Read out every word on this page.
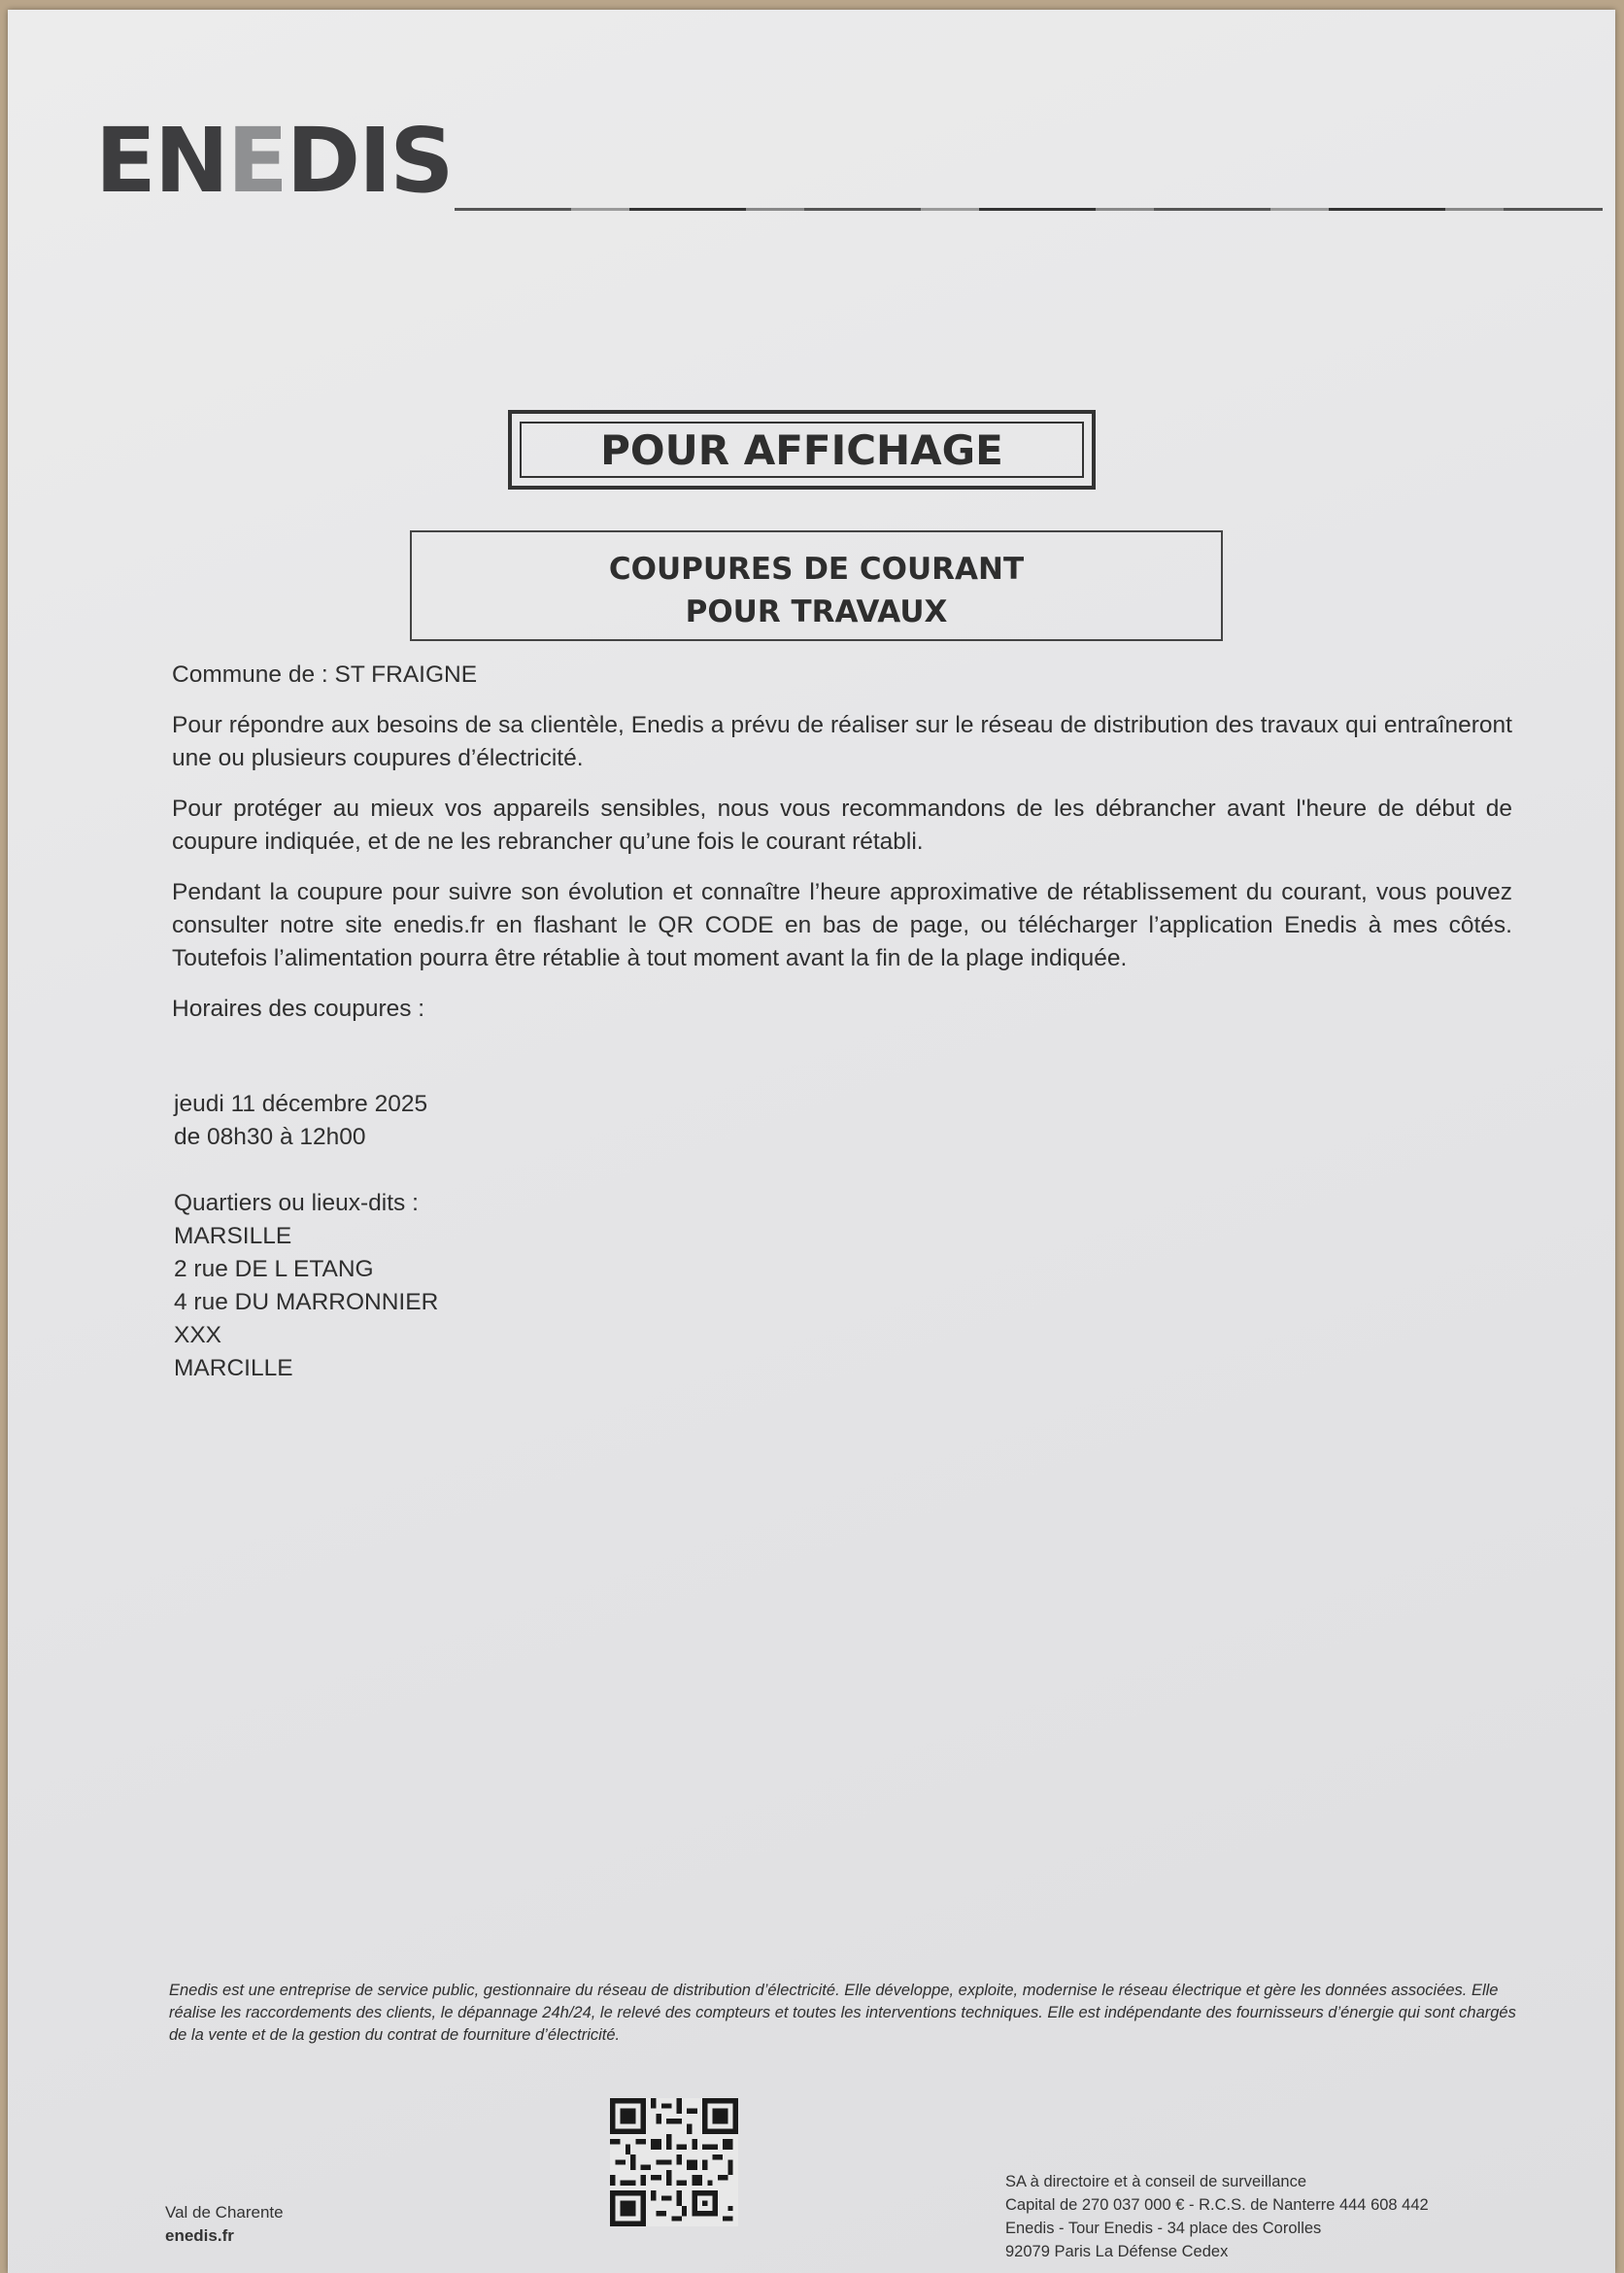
ENEDIS
POUR AFFICHAGE
COUPURES DE COURANT
POUR TRAVAUX

Commune de : ST FRAIGNE

Pour répondre aux besoins de sa clientèle, Enedis a prévu de réaliser sur le réseau de distribution des travaux qui entraîneront une ou plusieurs coupures d’électricité.

Pour protéger au mieux vos appareils sensibles, nous vous recommandons de les débrancher avant l'heure de début de coupure indiquée, et de ne les rebrancher qu’une fois le courant rétabli.

Pendant la coupure pour suivre son évolution et connaître l’heure approximative de rétablissement du courant, vous pouvez consulter notre site enedis.fr en flashant le QR CODE en bas de page, ou télécharger l’application Enedis à mes côtés. Toutefois l’alimentation pourra être rétablie à tout moment avant la fin de la plage indiquée.

Horaires des coupures :

jeudi 11 décembre 2025
de 08h30 à 12h00
Quartiers ou lieux-dits :
MARSILLE
2 rue DE L ETANG
4 rue DU MARRONNIER
XXX
MARCILLE
Enedis est une entreprise de service public, gestionnaire du réseau de distribution d’électricité. Elle développe, exploite, modernise le réseau électrique et gère les données associées. Elle réalise les raccordements des clients, le dépannage 24h/24, le relevé des compteurs et toutes les interventions techniques. Elle est indépendante des fournisseurs d’énergie qui sont chargés de la vente et de la gestion du contrat de fourniture d’électricité.
Val de Charente
enedis.fr
SA à directoire et à conseil de surveillance
Capital de 270 037 000 € - R.C.S. de Nanterre 444 608 442
Enedis - Tour Enedis - 34 place des Corolles
92079 Paris La Défense Cedex
